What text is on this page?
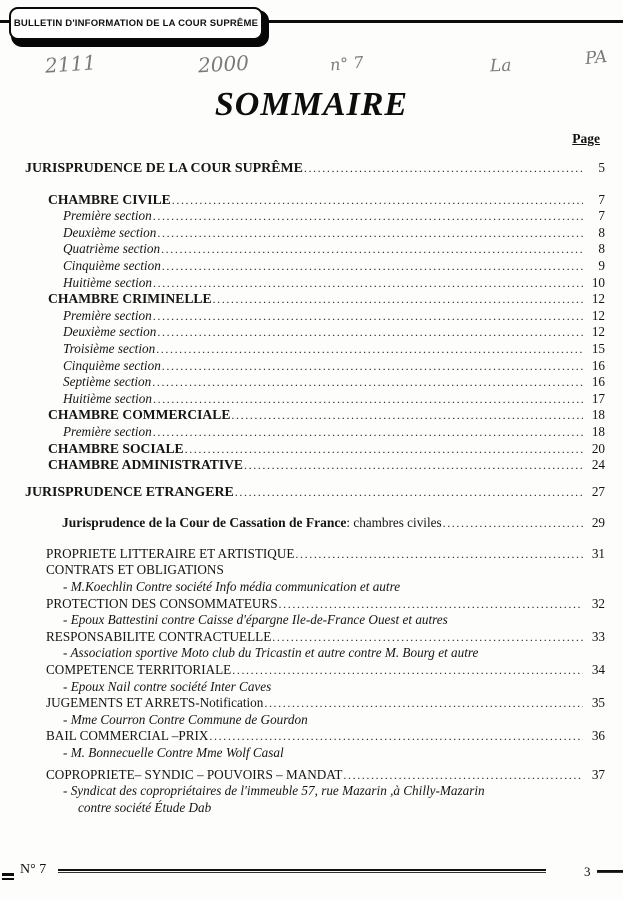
BULLETIN D'INFORMATION DE LA COUR SUPRÊME
2111	2000	n° 7	La	PA
SOMMAIRE
Page
JURISPRUDENCE DE LA COUR SUPRÊME .....	5
CHAMBRE CIVILE .....	7
Première section .....	7
Deuxième section .....	8
Quatrième section .....	8
Cinquième section .....	9
Huitième section .....	10
CHAMBRE CRIMINELLE .....	12
Première section .....	12
Deuxième section .....	12
Troisième section .....	15
Cinquième section .....	16
Septième section .....	16
Huitième section .....	17
CHAMBRE COMMERCIALE .....	18
Première section .....	18
CHAMBRE SOCIALE .....	20
CHAMBRE ADMINISTRATIVE .....	24
JURISPRUDENCE ETRANGERE .....	27
Jurisprudence de la Cour de Cassation de France : chambres civiles .....	29
PROPRIETE LITTERAIRE ET ARTISTIQUE .....	31
CONTRATS ET OBLIGATIONS
- M.Koechlin Contre société Info média communication et autre
PROTECTION DES CONSOMMATEURS .....	32
- Epoux Battestini contre Caisse d'épargne Ile-de-France Ouest et autres
RESPONSABILITE CONTRACTUELLE .....	33
- Association sportive Moto club du Tricastin et autre contre M. Bourg et autre
COMPETENCE TERRITORIALE .....	34
- Epoux Nail contre société Inter Caves
JUGEMENTS ET ARRETS-Notification .....	35
- Mme Courron Contre Commune de Gourdon
BAIL COMMERCIAL –PRIX .....	36
- M. Bonnecuelle Contre Mme Wolf Casal
COPROPRIETE– SYNDIC – POUVOIRS – MANDAT .....	37
- Syndicat des copropriétaires de l'immeuble 57, rue Mazarin ,à Chilly-Mazarin
contre société Étude Dab
N° 7	3
